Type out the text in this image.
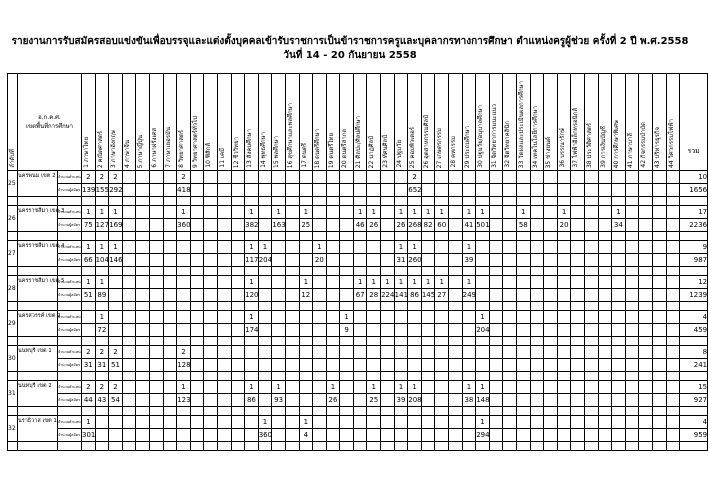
รายงานการรับสมัครสอบแข่งขันเพื่อบรรจุและแต่งตั้งบุคคลเข้ารับราชการเป็นข้าราชการครูและบุคลากรทางการศึกษา ตำแหน่งครูผู้ช่วย ครั้งที่ 2 ปี พ.ศ.2558
วันที่ 14 - 20 กันยายน 2558
ลำดับที่	อ.ก.ค.ศ.
เขตพื้นที่การศึกษา		1 ภาษาไทย	2 คณิตศาสตร์	3 ภาษาอังกฤษ	4 ภาษาจีน	5 ภาษาญี่ปุ่น	6 ภาษาฝรั่งเศส	7 ภาษาเยอรมัน	8 วิทยาศาสตร์	9 วิทยาศาสตร์ทั่วไป	10 ฟิสิกส์	11 เคมี	12 ชีววิทยา	13 สังคมศึกษา	14 พุทธศึกษา	15 พลศึกษา	16 สุขศึกษาและพลศึกษา	17 ดนตรี	18 ดนตรีศึกษา	19 ดนตรีไทย	20 ดนตรีสากล	21 ศิลปะ/ศิลปศึกษา	22 นาฏศิลป์	23 ทัศนศิลป์	24 ปฐมวัย	25 คอมพิวเตอร์	26 อุตสาหกรรมศิลป์	27 เกษตรกรรม	28 คหกรรม	29 ประถมศึกษา	30 ปฐมวัย/อนุบาลศึกษา	31 จิตวิทยาการแนะแนว	32 จิตวิทยาคลินิก	33 วัดผลและประเมินผลการศึกษา	34 เทคโนโลยีการศึกษา	35 ช่างยนต์	36 บรรณารักษ์	37 ไฟฟ้าอิเล็กทรอนิกส์	38 ประวัติศาสตร์	39 การเงินบัญชี	40 การศึกษาพิเศษ	41 ภาษาบาลี	42 กิจกรรมบำบัด	43 บริหารธุรกิจ	44 วิศวกรรมไฟฟ้า	รวม

25	นครพนม เขต 2	จำนวนตำแหน่ง	2	2	2					2																	2																				10
		จำนวนผู้สมัคร	139	155	292					418																	652																				1656

26	นครราชสีมา เขต 3	จำนวนตำแหน่ง	1	1	1					1					1		1		1				1	1		1	1	1	1		1	1			1			1				1					17
		จำนวนผู้สมัคร	75	127	169					360					382		163		25				46	26		26	268	82	60		41	501			58			20				34					2236

27	นครราชสีมา เขต 4	จำนวนตำแหน่ง	1	1	1										1	1				1						1	1				1																9
		จำนวนผู้สมัคร	66	104	146										117	204				20						31	260				39																987

28	นครราชสีมา เขต 5	จำนวนตำแหน่ง	1	1											1				1				1	1	1	1	1	1	1		1																12
		จำนวนผู้สมัคร	51	89											120				12				67	28	224	141	86	145	27		249																1239

29	นครสวรรค์ เขต 2	จำนวนตำแหน่ง		1											1							1										1															4
		จำนวนผู้สมัคร		72											174							9										204															459

30	นนทบุรี เขต 1	จำนวนตำแหน่ง	2	2	2					2																																					8
		จำนวนผู้สมัคร	31	31	51					128																																					241

31	นนทบุรี เขต 2	จำนวนตำแหน่ง	2	2	2					1					1		1				1			1		1	1				1	1															15
		จำนวนผู้สมัคร	44	43	54					123					86		93				26			25		39	208				38	148															927

32	นราธิวาส เขต 1	จำนวนตำแหน่ง	1													1			1													1															4
		จำนวนผู้สมัคร	301													360			4													294															959
